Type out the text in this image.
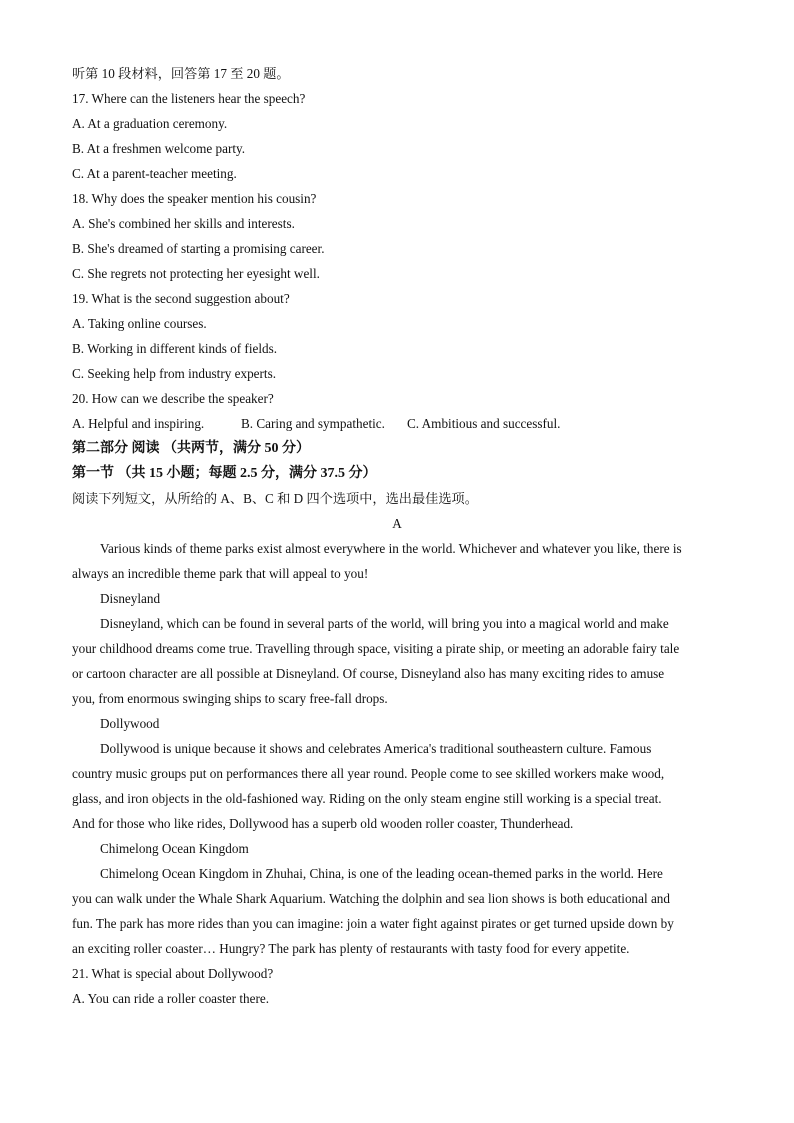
听第 10 段材料，回答第 17 至 20 题。
17. Where can the listeners hear the speech?
A. At a graduation ceremony.
B. At a freshmen welcome party.
C. At a parent-teacher meeting.
18. Why does the speaker mention his cousin?
A. She's combined her skills and interests.
B. She's dreamed of starting a promising career.
C. She regrets not protecting her eyesight well.
19. What is the second suggestion about?
A. Taking online courses.
B. Working in different kinds of fields.
C. Seeking help from industry experts.
20. How can we describe the speaker?
A. Helpful and inspiring.	B. Caring and sympathetic. C. Ambitious and successful.
第二部分 阅读 （共两节，满分 50 分）
第一节 （共 15 小题；每题 2.5 分，满分 37.5 分）
阅读下列短文，从所给的 A、B、C 和 D 四个选项中，选出最佳选项。
A
Various kinds of theme parks exist almost everywhere in the world. Whichever and whatever you like, there is
always an incredible theme park that will appeal to you!
Disneyland
Disneyland, which can be found in several parts of the world, will bring you into a magical world and make
your childhood dreams come true. Travelling through space, visiting a pirate ship, or meeting an adorable fairy tale
or cartoon character are all possible at Disneyland. Of course, Disneyland also has many exciting rides to amuse
you, from enormous swinging ships to scary free-fall drops.
Dollywood
Dollywood is unique because it shows and celebrates America's traditional southeastern culture. Famous
country music groups put on performances there all year round. People come to see skilled workers make wood,
glass, and iron objects in the old-fashioned way. Riding on the only steam engine still working is a special treat.
And for those who like rides, Dollywood has a superb old wooden roller coaster, Thunderhead.
Chimelong Ocean Kingdom
Chimelong Ocean Kingdom in Zhuhai, China, is one of the leading ocean-themed parks in the world. Here
you can walk under the Whale Shark Aquarium. Watching the dolphin and sea lion shows is both educational and
fun. The park has more rides than you can imagine: join a water fight against pirates or get turned upside down by
an exciting roller coaster… Hungry? The park has plenty of restaurants with tasty food for every appetite.
21. What is special about Dollywood?
A. You can ride a roller coaster there.
